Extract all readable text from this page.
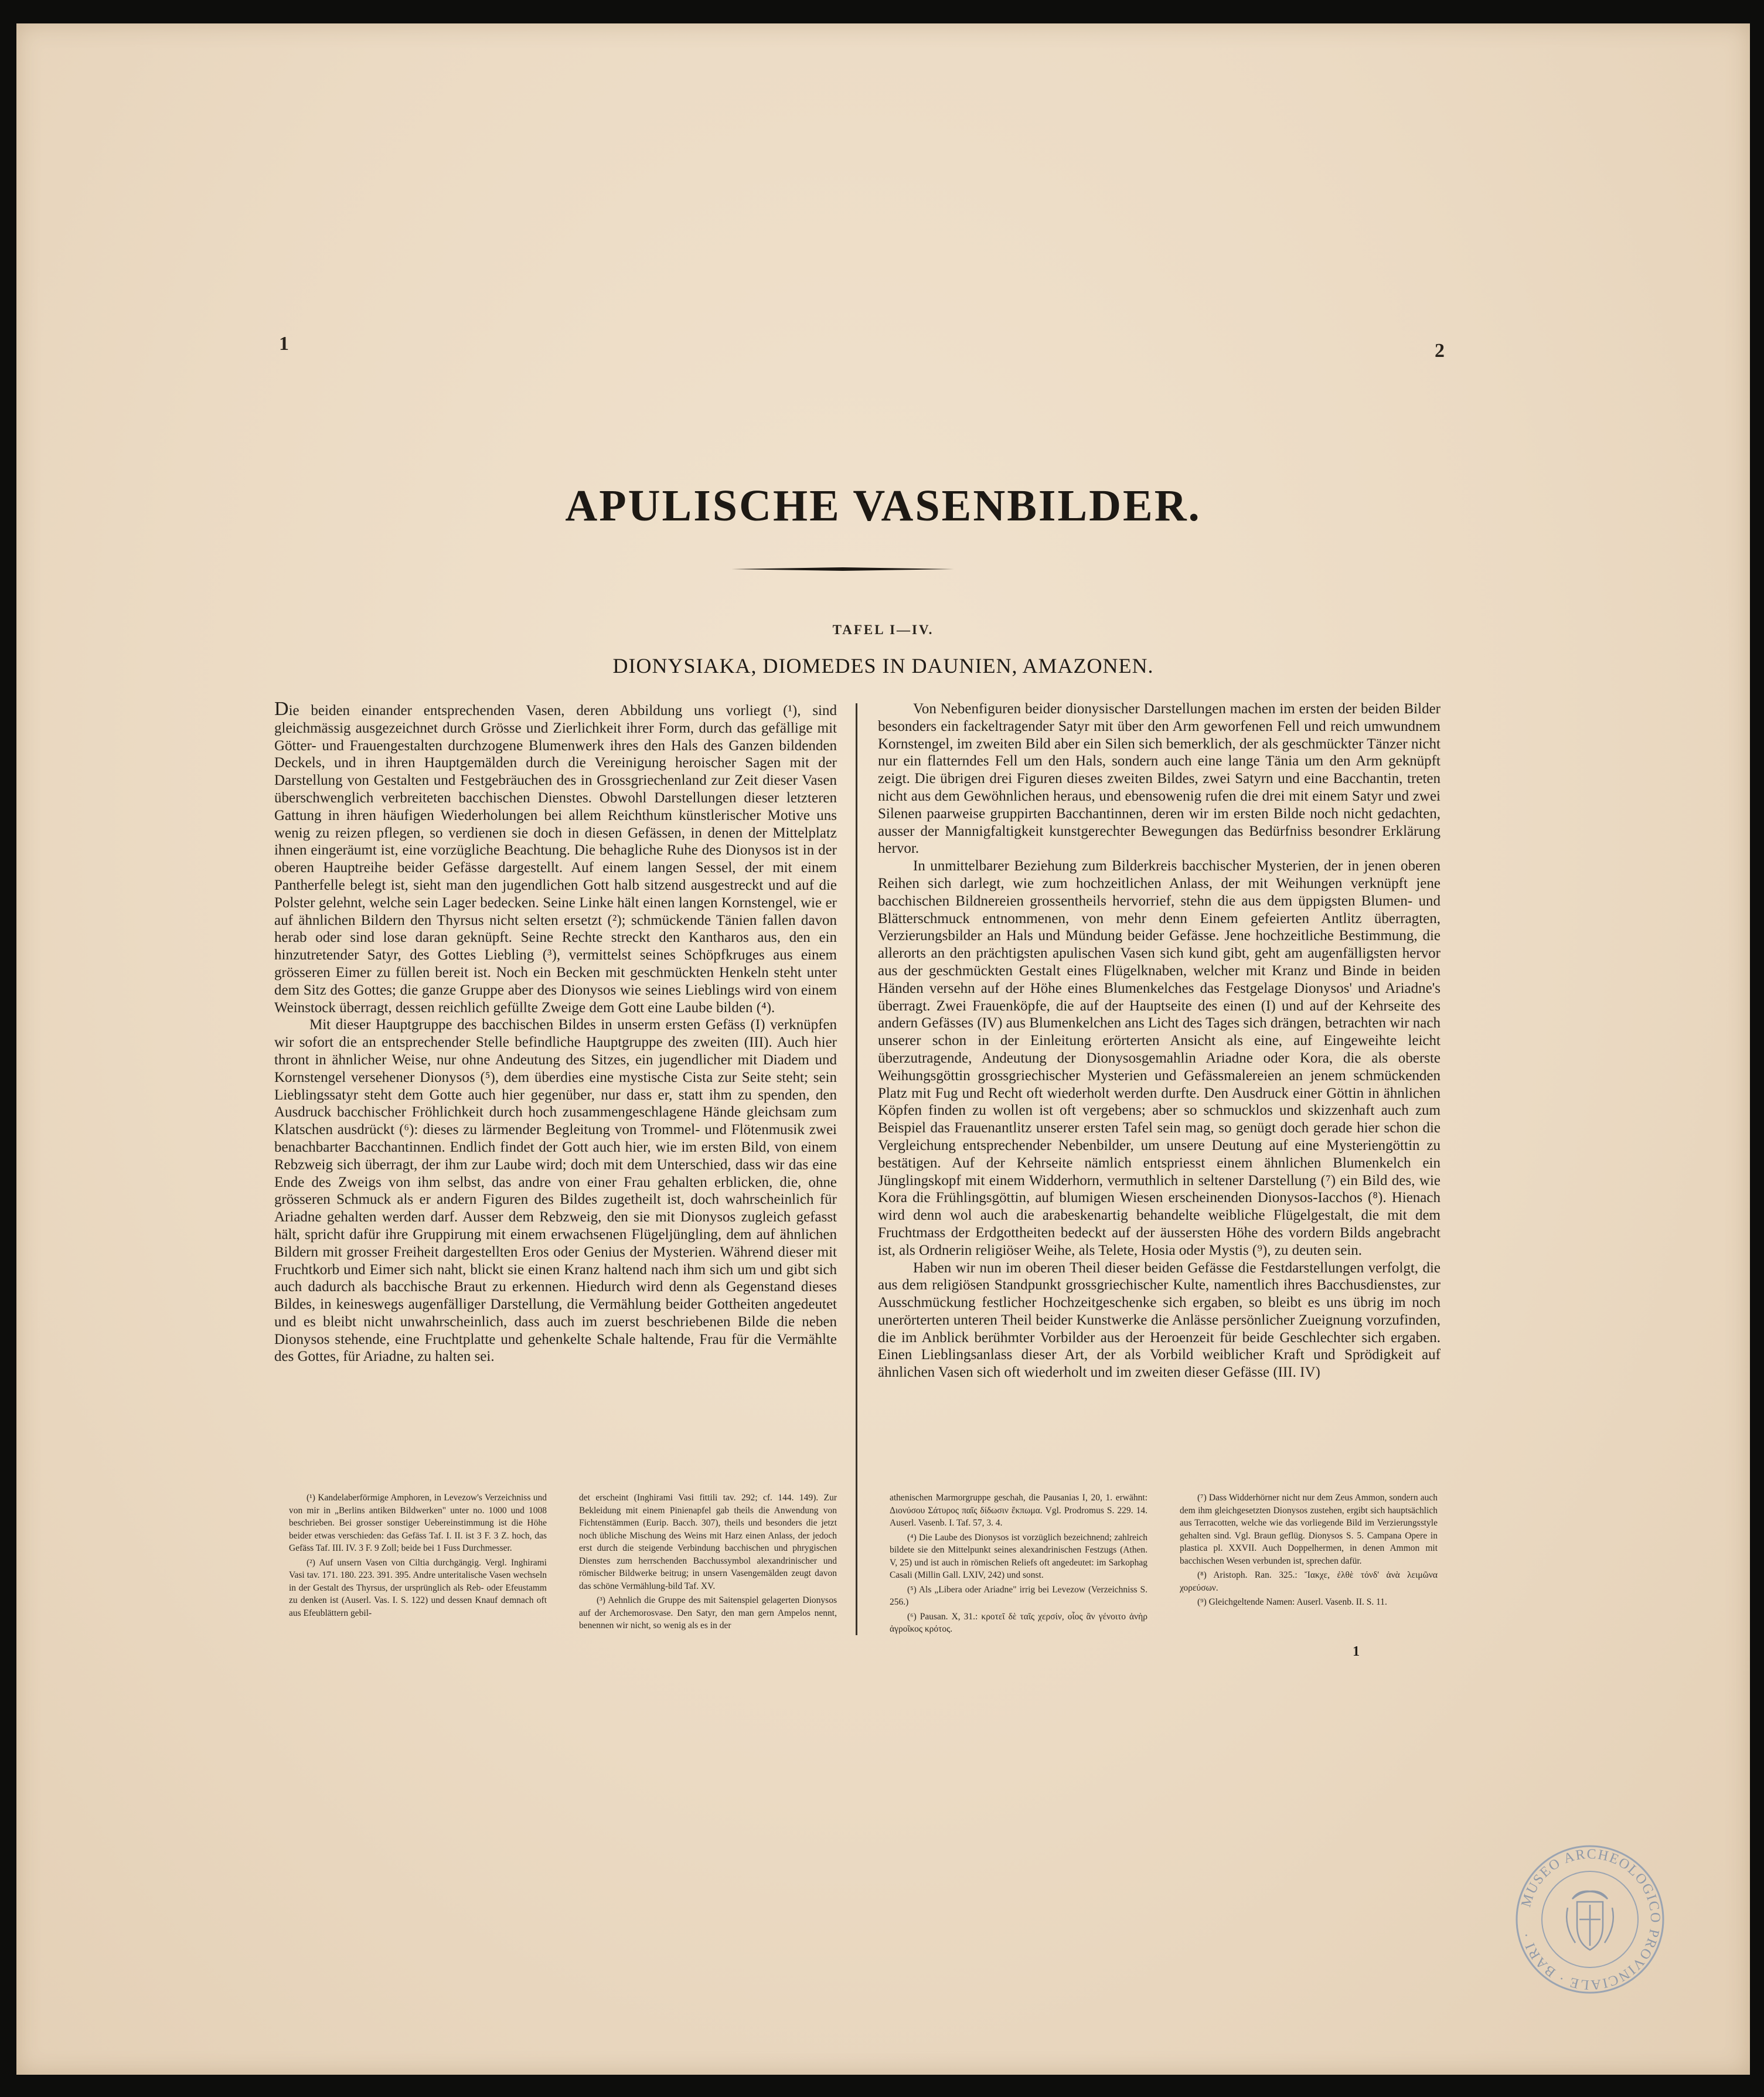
1	2
APULISCHE VASENBILDER.
TAFEL I—IV.
DIONYSIAKA, DIOMEDES IN DAUNIEN, AMAZONEN.

Die beiden einander entsprechenden Vasen, deren Abbildung uns vorliegt (¹), sind gleichmässig ausgezeichnet durch Grösse und Zierlichkeit ihrer Form, durch das gefällige mit Götter- und Frauengestalten durchzogene Blumenwerk ihres den Hals des Ganzen bildenden Deckels, und in ihren Hauptgemälden durch die Vereinigung heroischer Sagen mit der Darstellung von Gestalten und Festgebräuchen des in Grossgriechenland zur Zeit dieser Vasen überschwenglich verbreiteten bacchischen Dienstes. Obwohl Darstellungen dieser letzteren Gattung in ihren häufigen Wiederholungen bei allem Reichthum künstlerischer Motive uns wenig zu reizen pflegen, so verdienen sie doch in diesen Gefässen, in denen der Mittelplatz ihnen eingeräumt ist, eine vorzügliche Beachtung. Die behagliche Ruhe des Dionysos ist in der oberen Hauptreihe beider Gefässe dargestellt. Auf einem langen Sessel, der mit einem Pantherfelle belegt ist, sieht man den jugendlichen Gott halb sitzend ausgestreckt und auf die Polster gelehnt, welche sein Lager bedecken. Seine Linke hält einen langen Kornstengel, wie er auf ähnlichen Bildern den Thyrsus nicht selten ersetzt (²); schmückende Tänien fallen davon herab oder sind lose daran geknüpft. Seine Rechte streckt den Kantharos aus, den ein hinzutretender Satyr, des Gottes Liebling (³), vermittelst seines Schöpfkruges aus einem grösseren Eimer zu füllen bereit ist. Noch ein Becken mit geschmückten Henkeln steht unter dem Sitz des Gottes; die ganze Gruppe aber des Dionysos wie seines Lieblings wird von einem Weinstock überragt, dessen reichlich gefüllte Zweige dem Gott eine Laube bilden (⁴).

Mit dieser Hauptgruppe des bacchischen Bildes in unserm ersten Gefäss (I) verknüpfen wir sofort die an entsprechender Stelle befindliche Hauptgruppe des zweiten (III). Auch hier thront in ähnlicher Weise, nur ohne Andeutung des Sitzes, ein jugendlicher mit Diadem und Kornstengel versehener Dionysos (⁵), dem überdies eine mystische Cista zur Seite steht; sein Lieblingssatyr steht dem Gotte auch hier gegenüber, nur dass er, statt ihm zu spenden, den Ausdruck bacchischer Fröhlichkeit durch hoch zusammengeschlagene Hände gleichsam zum Klatschen ausdrückt (⁶): dieses zu lärmender Begleitung von Trommel- und Flötenmusik zwei benachbarter Bacchantinnen. Endlich findet der Gott auch hier, wie im ersten Bild, von einem Rebzweig sich überragt, der ihm zur Laube wird; doch mit dem Unterschied, dass wir das eine Ende des Zweigs von ihm selbst, das andre von einer Frau gehalten erblicken, die, ohne grösseren Schmuck als er andern Figuren des Bildes zugetheilt ist, doch wahrscheinlich für Ariadne gehalten werden darf. Ausser dem Rebzweig, den sie mit Dionysos zugleich gefasst hält, spricht dafür ihre Gruppirung mit einem erwachsenen Flügeljüngling, dem auf ähnlichen Bildern mit grosser Freiheit dargestellten Eros oder Genius der Mysterien. Während dieser mit Fruchtkorb und Eimer sich naht, blickt sie einen Kranz haltend nach ihm sich um und gibt sich auch dadurch als bacchische Braut zu erkennen. Hiedurch wird denn als Gegenstand dieses Bildes, in keineswegs augenfälliger Darstellung, die Vermählung beider Gottheiten angedeutet und es bleibt nicht unwahrscheinlich, dass auch im zuerst beschriebenen Bilde die neben Dionysos stehende, eine Fruchtplatte und gehenkelte Schale haltende, Frau für die Vermählte des Gottes, für Ariadne, zu halten sei.

Von Nebenfiguren beider dionysischer Darstellungen machen im ersten der beiden Bilder besonders ein fackeltragender Satyr mit über den Arm geworfenen Fell und reich umwundnem Kornstengel, im zweiten Bild aber ein Silen sich bemerklich, der als geschmückter Tänzer nicht nur ein flatterndes Fell um den Hals, sondern auch eine lange Tänia um den Arm geknüpft zeigt. Die übrigen drei Figuren dieses zweiten Bildes, zwei Satyrn und eine Bacchantin, treten nicht aus dem Gewöhnlichen heraus, und ebensowenig rufen die drei mit einem Satyr und zwei Silenen paarweise gruppirten Bacchantinnen, deren wir im ersten Bilde noch nicht gedachten, ausser der Mannigfaltigkeit kunstgerechter Bewegungen das Bedürfniss besondrer Erklärung hervor.

In unmittelbarer Beziehung zum Bilderkreis bacchischer Mysterien, der in jenen oberen Reihen sich darlegt, wie zum hochzeitlichen Anlass, der mit Weihungen verknüpft jene bacchischen Bildnereien grossentheils hervorrief, stehn die aus dem üppigsten Blumen- und Blätterschmuck entnommenen, von mehr denn Einem gefeierten Antlitz überragten, Verzierungsbilder an Hals und Mündung beider Gefässe. Jene hochzeitliche Bestimmung, die allerorts an den prächtigsten apulischen Vasen sich kund gibt, geht am augenfälligsten hervor aus der geschmückten Gestalt eines Flügelknaben, welcher mit Kranz und Binde in beiden Händen versehn auf der Höhe eines Blumenkelches das Festgelage Dionysos' und Ariadne's überragt. Zwei Frauenköpfe, die auf der Hauptseite des einen (I) und auf der Kehrseite des andern Gefässes (IV) aus Blumenkelchen ans Licht des Tages sich drängen, betrachten wir nach unserer schon in der Einleitung erörterten Ansicht als eine, auf Eingeweihte leicht überzutragende, Andeutung der Dionysosgemahlin Ariadne oder Kora, die als oberste Weihungsgöttin grossgriechischer Mysterien und Gefässmalereien an jenem schmückenden Platz mit Fug und Recht oft wiederholt werden durfte. Den Ausdruck einer Göttin in ähnlichen Köpfen finden zu wollen ist oft vergebens; aber so schmucklos und skizzenhaft auch zum Beispiel das Frauenantlitz unserer ersten Tafel sein mag, so genügt doch gerade hier schon die Vergleichung entsprechender Nebenbilder, um unsere Deutung auf eine Mysteriengöttin zu bestätigen. Auf der Kehrseite nämlich entspriesst einem ähnlichen Blumenkelch ein Jünglingskopf mit einem Widderhorn, vermuthlich in seltener Darstellung (⁷) ein Bild des, wie Kora die Frühlingsgöttin, auf blumigen Wiesen erscheinenden Dionysos-Iacchos (⁸). Hienach wird denn wol auch die arabeskenartig behandelte weibliche Flügelgestalt, die mit dem Fruchtmass der Erdgottheiten bedeckt auf der äussersten Höhe des vordern Bilds angebracht ist, als Ordnerin religiöser Weihe, als Telete, Hosia oder Mystis (⁹), zu deuten sein.

Haben wir nun im oberen Theil dieser beiden Gefässe die Festdarstellungen verfolgt, die aus dem religiösen Standpunkt grossgriechischer Kulte, namentlich ihres Bacchusdienstes, zur Ausschmückung festlicher Hochzeitgeschenke sich ergaben, so bleibt es uns übrig im noch unerörterten unteren Theil beider Kunstwerke die Anlässe persönlicher Zueignung vorzufinden, die im Anblick berühmter Vorbilder aus der Heroenzeit für beide Geschlechter sich ergaben. Einen Lieblingsanlass dieser Art, der als Vorbild weiblicher Kraft und Sprödigkeit auf ähnlichen Vasen sich oft wiederholt und im zweiten dieser Gefässe (III. IV)

(¹) Kandelaberförmige Amphoren, in Levezow's Verzeichniss und von mir in „Berlins antiken Bildwerken" unter no. 1000 und 1008 beschrieben. Bei grosser sonstiger Uebereinstimmung ist die Höhe beider etwas verschieden: das Gefäss Taf. I. II. ist 3 F. 3 Z. hoch, das Gefäss Taf. III. IV. 3 F. 9 Zoll; beide bei 1 Fuss Durchmesser.

(²) Auf unsern Vasen von Ciltia durchgängig. Vergl. Inghirami Vasi tav. 171. 180. 223. 391. 395. Andre unteritalische Vasen wechseln in der Gestalt des Thyrsus, der ursprünglich als Reb- oder Efeustamm zu denken ist (Auserl. Vas. I. S. 122) und dessen Knauf demnach oft aus Efeublättern gebil-

det erscheint (Inghirami Vasi fittili tav. 292; cf. 144. 149). Zur Bekleidung mit einem Pinienapfel gab theils die Anwendung von Fichtenstämmen (Eurip. Bacch. 307), theils und besonders die jetzt noch übliche Mischung des Weins mit Harz einen Anlass, der jedoch erst durch die steigende Verbindung bacchischen und phrygischen Dienstes zum herrschenden Bacchussymbol alexandrinischer und römischer Bildwerke beitrug; in unsern Vasengemälden zeugt davon das schöne Vermählung-bild Taf. XV.

(³) Aehnlich die Gruppe des mit Saitenspiel gelagerten Dionysos auf der Archemorosvase. Den Satyr, den man gern Ampelos nennt, benennen wir nicht, so wenig als es in der

athenischen Marmorgruppe geschah, die Pausanias I, 20, 1. erwähnt: Διονύσου Σάτυρος παῖς δίδωσιν ἔκπωμα. Vgl. Prodromus S. 229. 14. Auserl. Vasenb. I. Taf. 57, 3. 4.

(⁴) Die Laube des Dionysos ist vorzüglich bezeichnend; zahlreich bildete sie den Mittelpunkt seines alexandrinischen Festzugs (Athen. V, 25) und ist auch in römischen Reliefs oft angedeutet: im Sarkophag Casali (Millin Gall. LXIV, 242) und sonst.

(⁵) Als „Libera oder Ariadne" irrig bei Levezow (Verzeichniss S. 256.)

(⁶) Pausan. X, 31.: κροτεῖ δὲ ταῖς χερσίν, οἷος ἂν γένοιτο ἀνὴρ ἀγροῖκος κρότος.

(⁷) Dass Widderhörner nicht nur dem Zeus Ammon, sondern auch dem ihm gleichgesetzten Dionysos zustehen, ergibt sich hauptsächlich aus Terracotten, welche wie das vorliegende Bild im Verzierungsstyle gehalten sind. Vgl. Braun geflüg. Dionysos S. 5. Campana Opere in plastica pl. XXVII. Auch Doppelhermen, in denen Ammon mit bacchischen Wesen verbunden ist, sprechen dafür.

(⁸) Aristoph. Ran. 325.: Ἴακχε, ἐλθὲ τόνδ' ἀνὰ λειμῶνα χορεύσων.

(⁹) Gleichgeltende Namen: Auserl. Vasenb. II. S. 11.

1
MUSEO ARCHEOLOGICO PROVINCIALE · BARI ·
